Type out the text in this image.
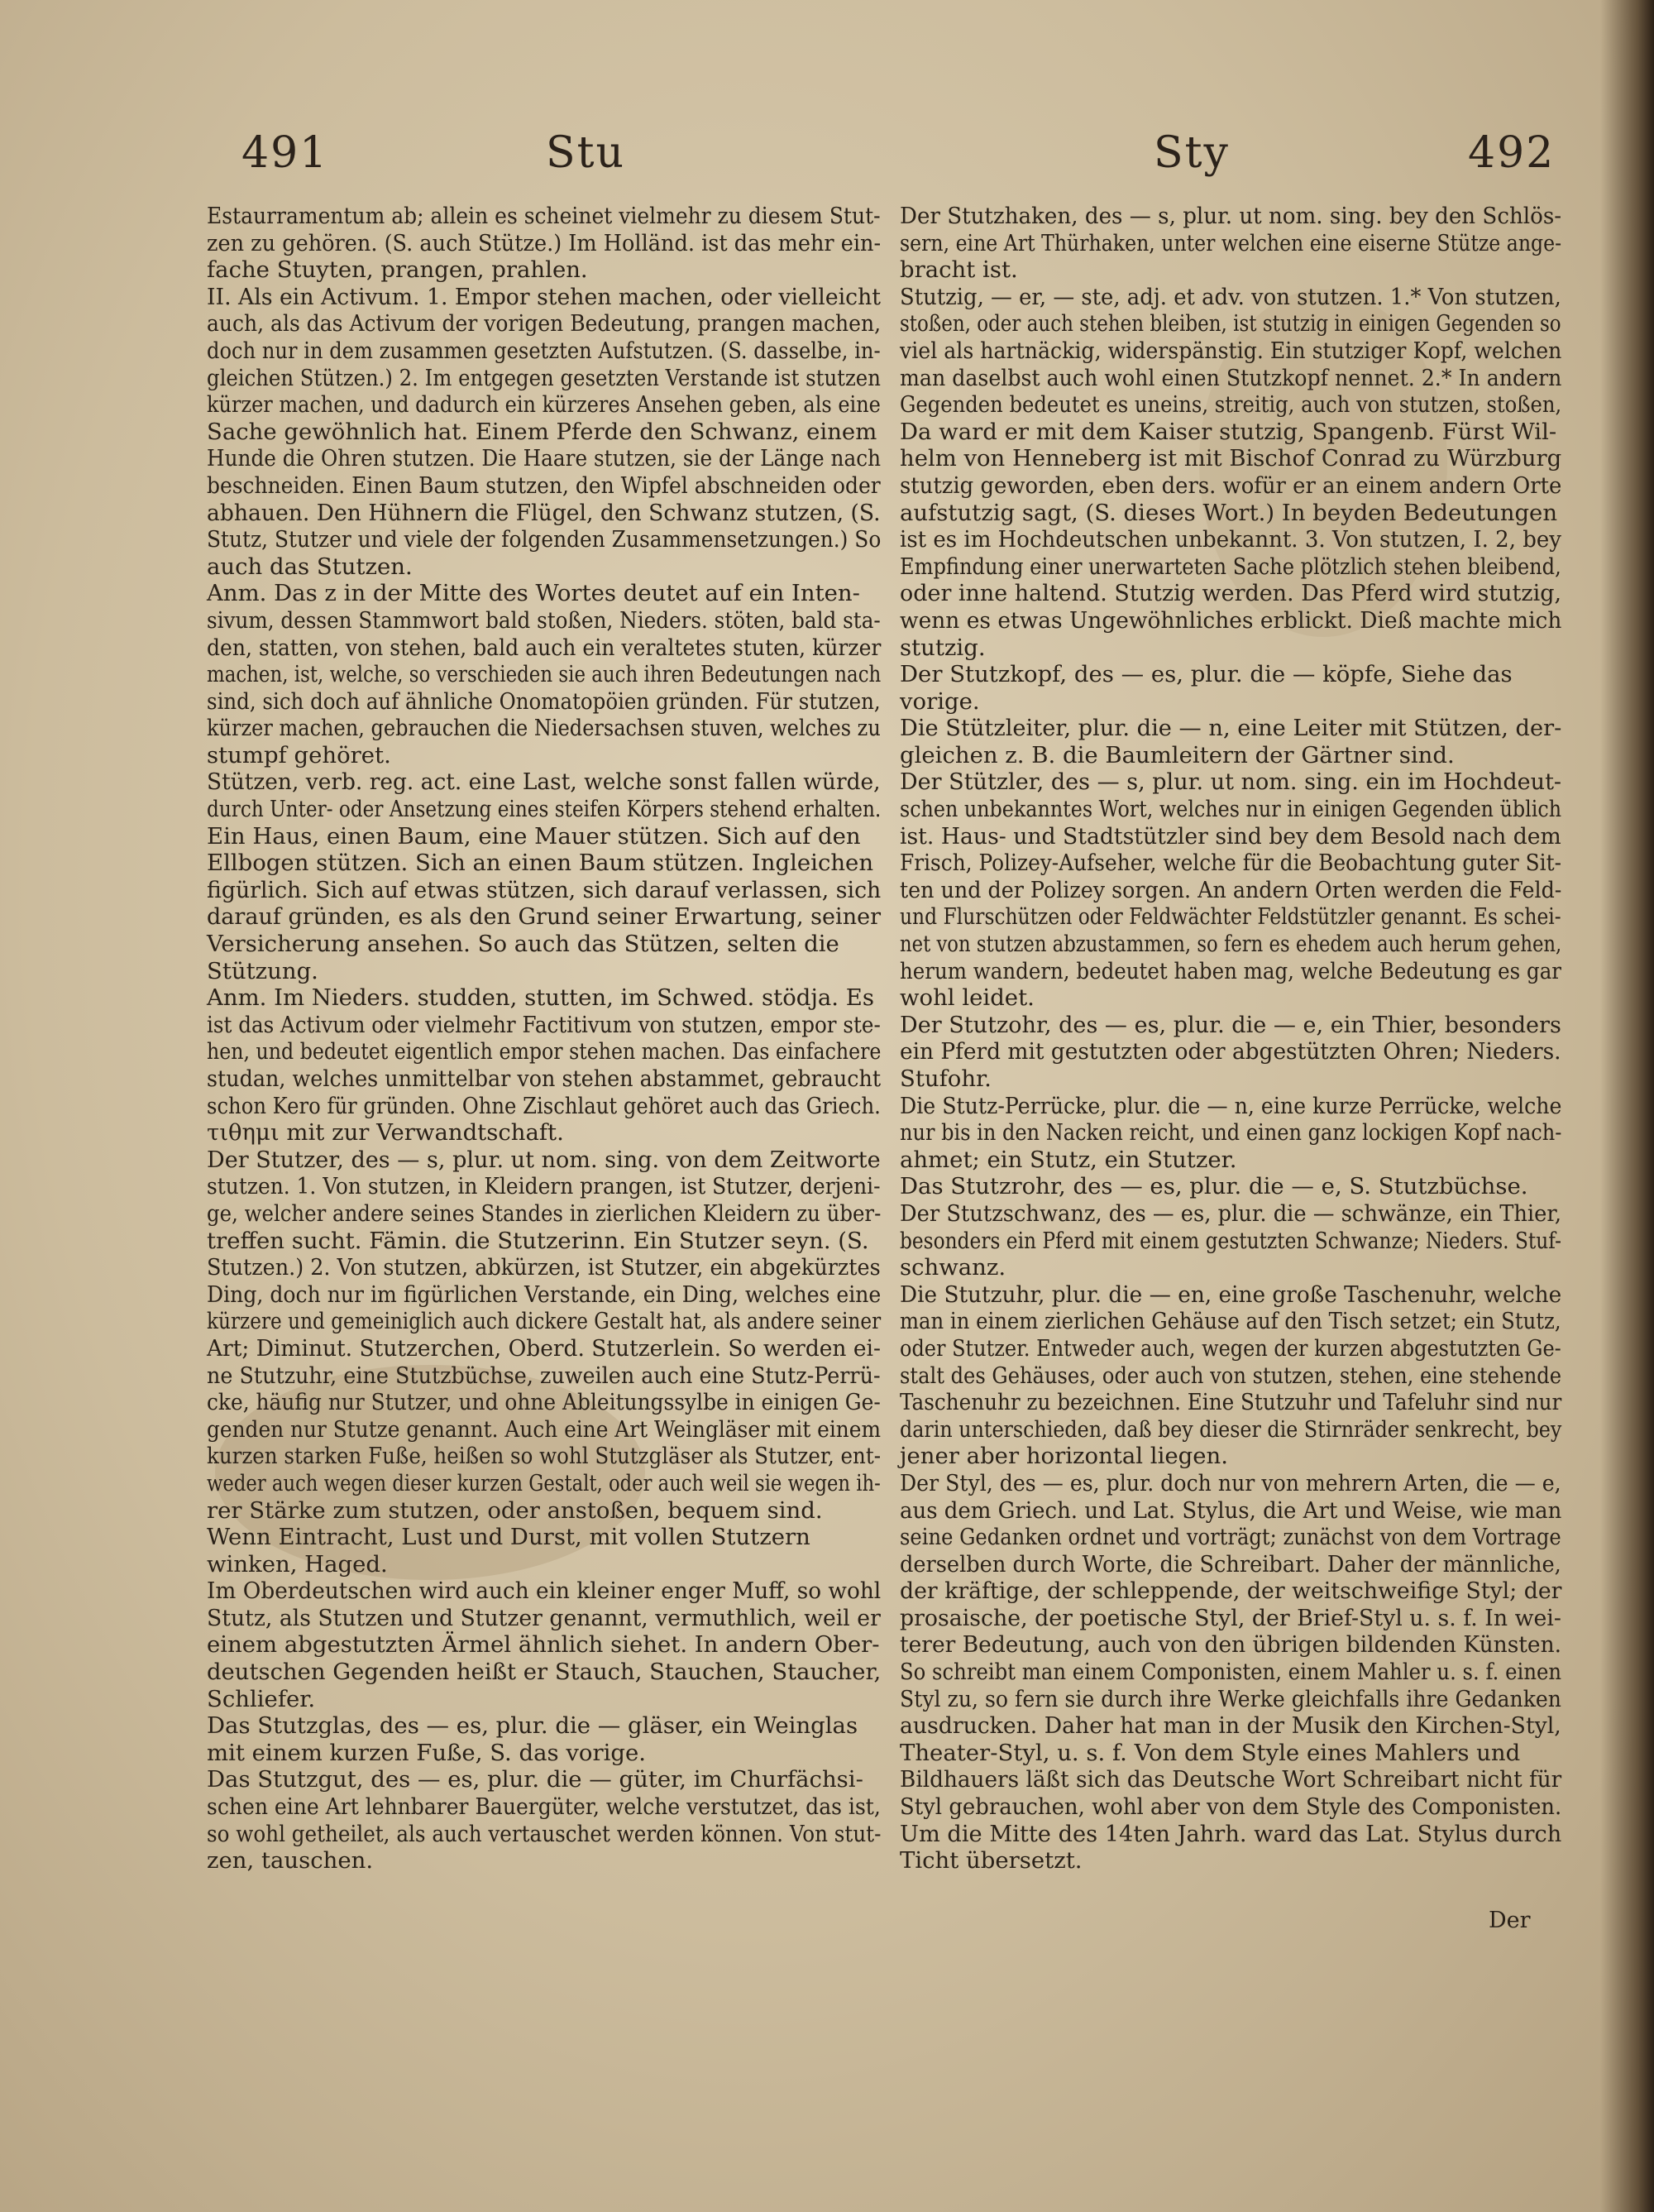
491	Stu	Sty	492
Estaurramentum ab; allein es scheinet vielmehr zu diesem Stut-
zen zu gehören. (S. auch Stütze.) Im Holländ. ist das mehr ein-
fache Stuyten, prangen, prahlen.
II. Als ein Activum. 1. Empor stehen machen, oder vielleicht
auch, als das Activum der vorigen Bedeutung, prangen machen,
doch nur in dem zusammen gesetzten Aufstutzen. (S. dasselbe, in-
gleichen Stützen.) 2. Im entgegen gesetzten Verstande ist stutzen
kürzer machen, und dadurch ein kürzeres Ansehen geben, als eine
Sache gewöhnlich hat. Einem Pferde den Schwanz, einem
Hunde die Ohren stutzen. Die Haare stutzen, sie der Länge nach
beschneiden. Einen Baum stutzen, den Wipfel abschneiden oder
abhauen. Den Hühnern die Flügel, den Schwanz stutzen, (S.
Stutz, Stutzer und viele der folgenden Zusammensetzungen.) So
auch das Stutzen.
Anm. Das z in der Mitte des Wortes deutet auf ein Inten-
sivum, dessen Stammwort bald stoßen, Nieders. stöten, bald sta-
den, statten, von stehen, bald auch ein veraltetes stuten, kürzer
machen, ist, welche, so verschieden sie auch ihren Bedeutungen nach
sind, sich doch auf ähnliche Onomatopöien gründen. Für stutzen,
kürzer machen, gebrauchen die Niedersachsen stuven, welches zu
stumpf gehöret.
Stützen, verb. reg. act. eine Last, welche sonst fallen würde,
durch Unter- oder Ansetzung eines steifen Körpers stehend erhalten.
Ein Haus, einen Baum, eine Mauer stützen. Sich auf den
Ellbogen stützen. Sich an einen Baum stützen. Ingleichen
figürlich. Sich auf etwas stützen, sich darauf verlassen, sich
darauf gründen, es als den Grund seiner Erwartung, seiner
Versicherung ansehen. So auch das Stützen, selten die
Stützung.
Anm. Im Nieders. studden, stutten, im Schwed. stödja. Es
ist das Activum oder vielmehr Factitivum von stutzen, empor ste-
hen, und bedeutet eigentlich empor stehen machen. Das einfachere
studan, welches unmittelbar von stehen abstammet, gebraucht
schon Kero für gründen. Ohne Zischlaut gehöret auch das Griech.
τιθημι mit zur Verwandtschaft.
Der Stutzer, des — s, plur. ut nom. sing. von dem Zeitworte
stutzen. 1. Von stutzen, in Kleidern prangen, ist Stutzer, derjeni-
ge, welcher andere seines Standes in zierlichen Kleidern zu über-
treffen sucht. Fämin. die Stutzerinn. Ein Stutzer seyn. (S.
Stutzen.) 2. Von stutzen, abkürzen, ist Stutzer, ein abgekürztes
Ding, doch nur im figürlichen Verstande, ein Ding, welches eine
kürzere und gemeiniglich auch dickere Gestalt hat, als andere seiner
Art; Diminut. Stutzerchen, Oberd. Stutzerlein. So werden ei-
ne Stutzuhr, eine Stutzbüchse, zuweilen auch eine Stutz-Perrü-
cke, häufig nur Stutzer, und ohne Ableitungssylbe in einigen Ge-
genden nur Stutze genannt. Auch eine Art Weingläser mit einem
kurzen starken Fuße, heißen so wohl Stutzgläser als Stutzer, ent-
weder auch wegen dieser kurzen Gestalt, oder auch weil sie wegen ih-
rer Stärke zum stutzen, oder anstoßen, bequem sind.
Wenn Eintracht, Lust und Durst, mit vollen Stutzern
winken, Haged.
Im Oberdeutschen wird auch ein kleiner enger Muff, so wohl
Stutz, als Stutzen und Stutzer genannt, vermuthlich, weil er
einem abgestutzten Ärmel ähnlich siehet. In andern Ober-
deutschen Gegenden heißt er Stauch, Stauchen, Staucher,
Schliefer.
Das Stutzglas, des — es, plur. die — gläser, ein Weinglas
mit einem kurzen Fuße, S. das vorige.
Das Stutzgut, des — es, plur. die — güter, im Churfächsi-
schen eine Art lehnbarer Bauergüter, welche verstutzet, das ist,
so wohl getheilet, als auch vertauschet werden können. Von stut-
zen, tauschen.
Der Stutzhaken, des — s, plur. ut nom. sing. bey den Schlös-
sern, eine Art Thürhaken, unter welchen eine eiserne Stütze ange-
bracht ist.
Stutzig, — er, — ste, adj. et adv. von stutzen. 1.* Von stutzen,
stoßen, oder auch stehen bleiben, ist stutzig in einigen Gegenden so
viel als hartnäckig, widerspänstig. Ein stutziger Kopf, welchen
man daselbst auch wohl einen Stutzkopf nennet. 2.* In andern
Gegenden bedeutet es uneins, streitig, auch von stutzen, stoßen,
Da ward er mit dem Kaiser stutzig, Spangenb. Fürst Wil-
helm von Henneberg ist mit Bischof Conrad zu Würzburg
stutzig geworden, eben ders. wofür er an einem andern Orte
aufstutzig sagt, (S. dieses Wort.) In beyden Bedeutungen
ist es im Hochdeutschen unbekannt. 3. Von stutzen, I. 2, bey
Empfindung einer unerwarteten Sache plötzlich stehen bleibend,
oder inne haltend. Stutzig werden. Das Pferd wird stutzig,
wenn es etwas Ungewöhnliches erblickt. Dieß machte mich
stutzig.
Der Stutzkopf, des — es, plur. die — köpfe, Siehe das
vorige.
Die Stützleiter, plur. die — n, eine Leiter mit Stützen, der-
gleichen z. B. die Baumleitern der Gärtner sind.
Der Stützler, des — s, plur. ut nom. sing. ein im Hochdeut-
schen unbekanntes Wort, welches nur in einigen Gegenden üblich
ist. Haus- und Stadtstützler sind bey dem Besold nach dem
Frisch, Polizey-Aufseher, welche für die Beobachtung guter Sit-
ten und der Polizey sorgen. An andern Orten werden die Feld-
und Flurschützen oder Feldwächter Feldstützler genannt. Es schei-
net von stutzen abzustammen, so fern es ehedem auch herum gehen,
herum wandern, bedeutet haben mag, welche Bedeutung es gar
wohl leidet.
Der Stutzohr, des — es, plur. die — e, ein Thier, besonders
ein Pferd mit gestutzten oder abgestützten Ohren; Nieders.
Stufohr.
Die Stutz-Perrücke, plur. die — n, eine kurze Perrücke, welche
nur bis in den Nacken reicht, und einen ganz lockigen Kopf nach-
ahmet; ein Stutz, ein Stutzer.
Das Stutzrohr, des — es, plur. die — e, S. Stutzbüchse.
Der Stutzschwanz, des — es, plur. die — schwänze, ein Thier,
besonders ein Pferd mit einem gestutzten Schwanze; Nieders. Stuf-
schwanz.
Die Stutzuhr, plur. die — en, eine große Taschenuhr, welche
man in einem zierlichen Gehäuse auf den Tisch setzet; ein Stutz,
oder Stutzer. Entweder auch, wegen der kurzen abgestutzten Ge-
stalt des Gehäuses, oder auch von stutzen, stehen, eine stehende
Taschenuhr zu bezeichnen. Eine Stutzuhr und Tafeluhr sind nur
darin unterschieden, daß bey dieser die Stirnräder senkrecht, bey
jener aber horizontal liegen.
Der Styl, des — es, plur. doch nur von mehrern Arten, die — e,
aus dem Griech. und Lat. Stylus, die Art und Weise, wie man
seine Gedanken ordnet und vorträgt; zunächst von dem Vortrage
derselben durch Worte, die Schreibart. Daher der männliche,
der kräftige, der schleppende, der weitschweifige Styl; der
prosaische, der poetische Styl, der Brief-Styl u. s. f. In wei-
terer Bedeutung, auch von den übrigen bildenden Künsten.
So schreibt man einem Componisten, einem Mahler u. s. f. einen
Styl zu, so fern sie durch ihre Werke gleichfalls ihre Gedanken
ausdrucken. Daher hat man in der Musik den Kirchen-Styl,
Theater-Styl, u. s. f. Von dem Style eines Mahlers und
Bildhauers läßt sich das Deutsche Wort Schreibart nicht für
Styl gebrauchen, wohl aber von dem Style des Componisten.
Um die Mitte des 14ten Jahrh. ward das Lat. Stylus durch
Ticht übersetzt.
Der
